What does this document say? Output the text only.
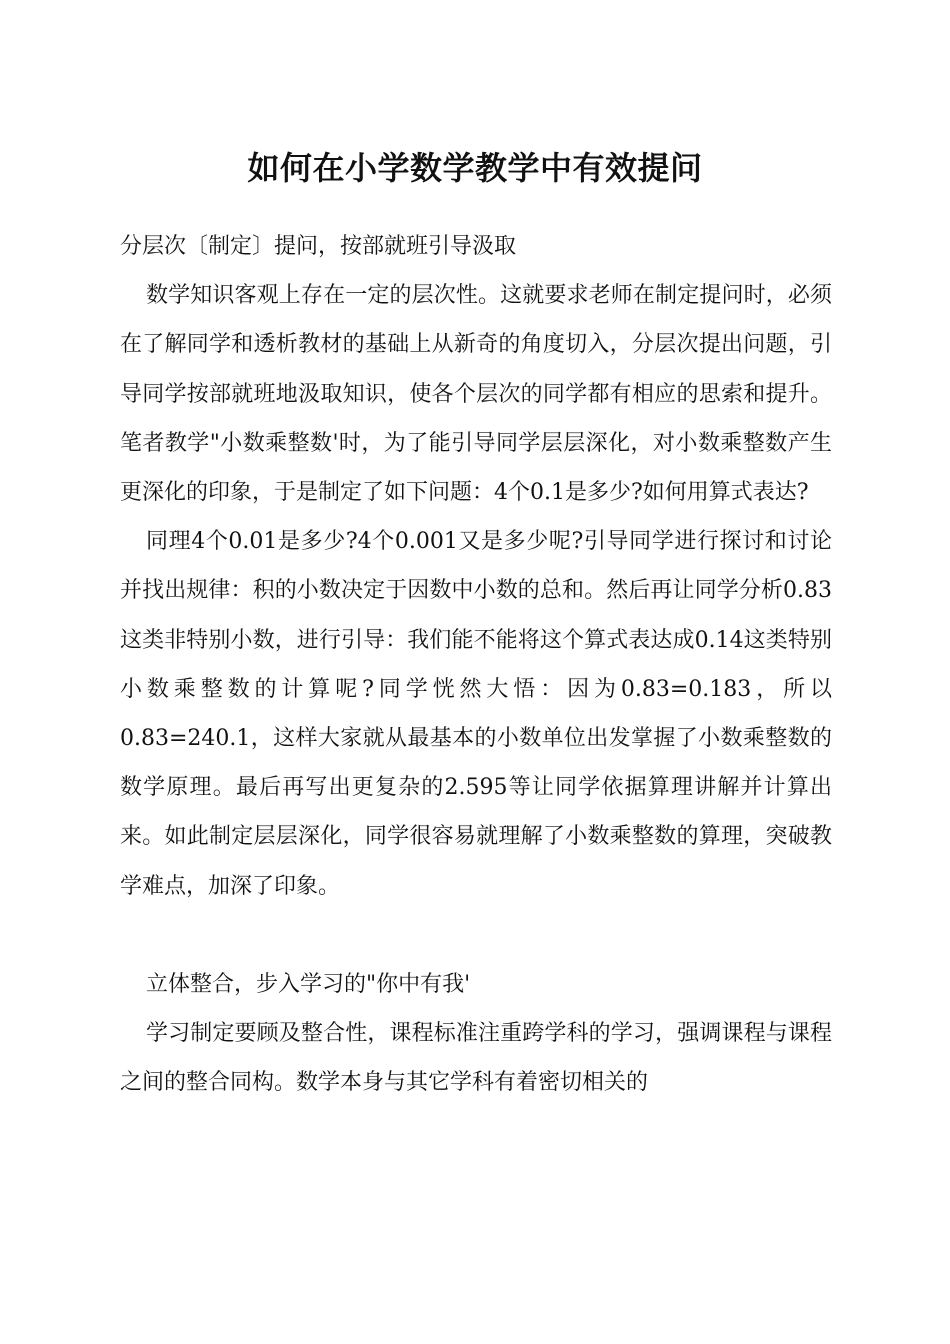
如何在小学数学教学中有效提问

分层次〔制定〕提问，按部就班引导汲取

数学知识客观上存在一定的层次性。这就要求老师在制定提问时，必须在了解同学和透析教材的基础上从新奇的角度切入，分层次提出问题，引导同学按部就班地汲取知识，使各个层次的同学都有相应的思索和提升。笔者教学"小数乘整数'时，为了能引导同学层层深化，对小数乘整数产生更深化的印象，于是制定了如下问题：4个0.1是多少?如何用算式表达?

同理4个0.01是多少?4个0.001又是多少呢?引导同学进行探讨和讨论并找出规律：积的小数决定于因数中小数的总和。然后再让同学分析0.83这类非特别小数，进行引导：我们能不能将这个算式表达成0.14这类特别小数乘整数的计算呢?同学恍然大悟：因为0.83=0.183，所以0.83=240.1，这样大家就从最基本的小数单位出发掌握了小数乘整数的数学原理。最后再写出更复杂的2.595等让同学依据算理讲解并计算出来。如此制定层层深化，同学很容易就理解了小数乘整数的算理，突破教学难点，加深了印象。

立体整合，步入学习的"你中有我'

学习制定要顾及整合性，课程标准注重跨学科的学习，强调课程与课程之间的整合同构。数学本身与其它学科有着密切相关的
